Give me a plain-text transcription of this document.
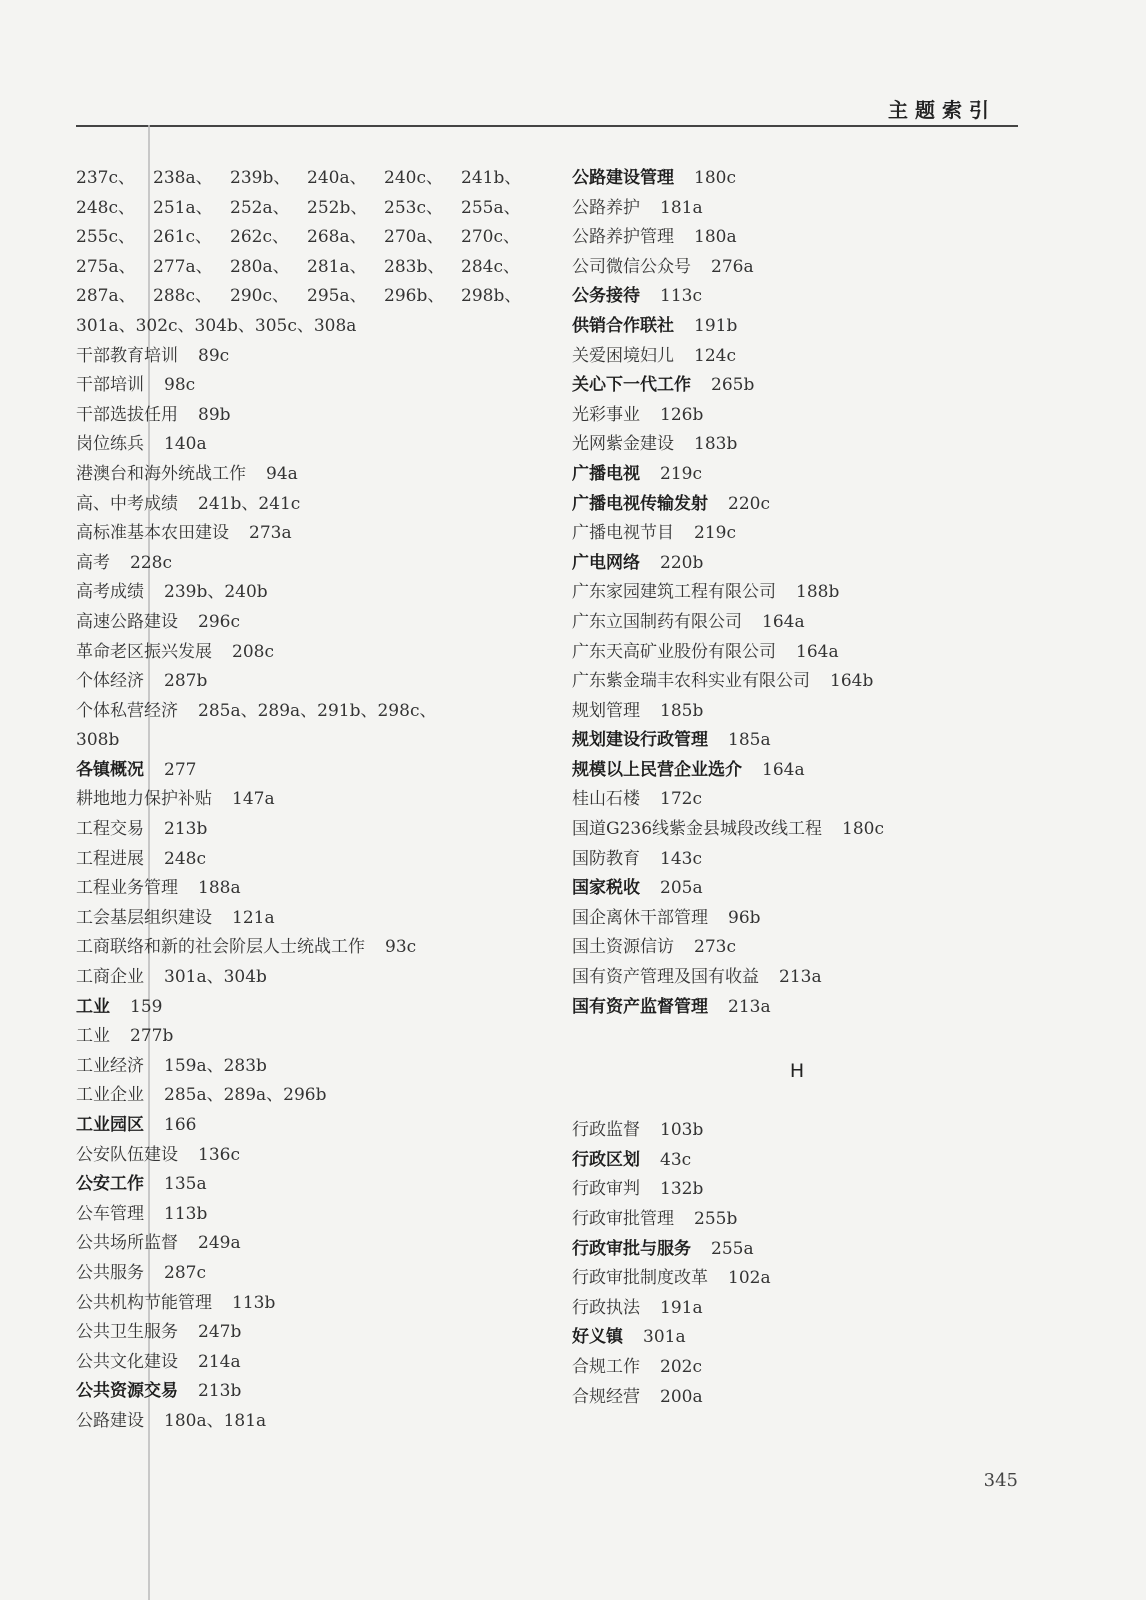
主题索引
237c、	238a、	239b、 240a、	240c、	241b、
248c、	251a、	252a、	252b、 253c、	255a、
255c、	261c、	262c、	268a、	270a、	270c、
275a、	277a、	280a、	281a、	283b、 284c、
287a、	288c、	290c、	295a、	296b、 298b、
301a、302c、304b、305c、308a
干部教育培训 89c
干部培训 98c
干部选拔任用 89b
岗位练兵 140a
港澳台和海外统战工作 94a
高、中考成绩 241b、241c
高标准基本农田建设 273a
高考 228c
高考成绩 239b、240b
高速公路建设 296c
革命老区振兴发展 208c
个体经济 287b
个体私营经济 285a、289a、291b、298c、
308b
各镇概况 277
耕地地力保护补贴 147a
工程交易 213b
工程进展 248c
工程业务管理 188a
工会基层组织建设 121a
工商联络和新的社会阶层人士统战工作 93c
工商企业 301a、304b
工业 159
工业 277b
工业经济 159a、283b
工业企业 285a、289a、296b
工业园区 166
公安队伍建设 136c
公安工作 135a
公车管理 113b
公共场所监督 249a
公共服务 287c
公共机构节能管理 113b
公共卫生服务 247b
公共文化建设 214a
公共资源交易 213b
公路建设 180a、181a
公路建设管理 180c
公路养护 181a
公路养护管理 180a
公司微信公众号 276a
公务接待 113c
供销合作联社 191b
关爱困境妇儿 124c
关心下一代工作 265b
光彩事业 126b
光网紫金建设 183b
广播电视 219c
广播电视传输发射 220c
广播电视节目 219c
广电网络 220b
广东家园建筑工程有限公司 188b
广东立国制药有限公司 164a
广东天高矿业股份有限公司 164a
广东紫金瑞丰农科实业有限公司 164b
规划管理 185b
规划建设行政管理 185a
规模以上民营企业选介 164a
桂山石楼 172c
国道G236线紫金县城段改线工程 180c
国防教育 143c
国家税收 205a
国企离休干部管理 96b
国土资源信访 273c
国有资产管理及国有收益 213a
国有资产监督管理 213a
H
行政监督 103b
行政区划 43c
行政审判 132b
行政审批管理 255b
行政审批与服务 255a
行政审批制度改革 102a
行政执法 191a
好义镇 301a
合规工作 202c
合规经营 200a
345
